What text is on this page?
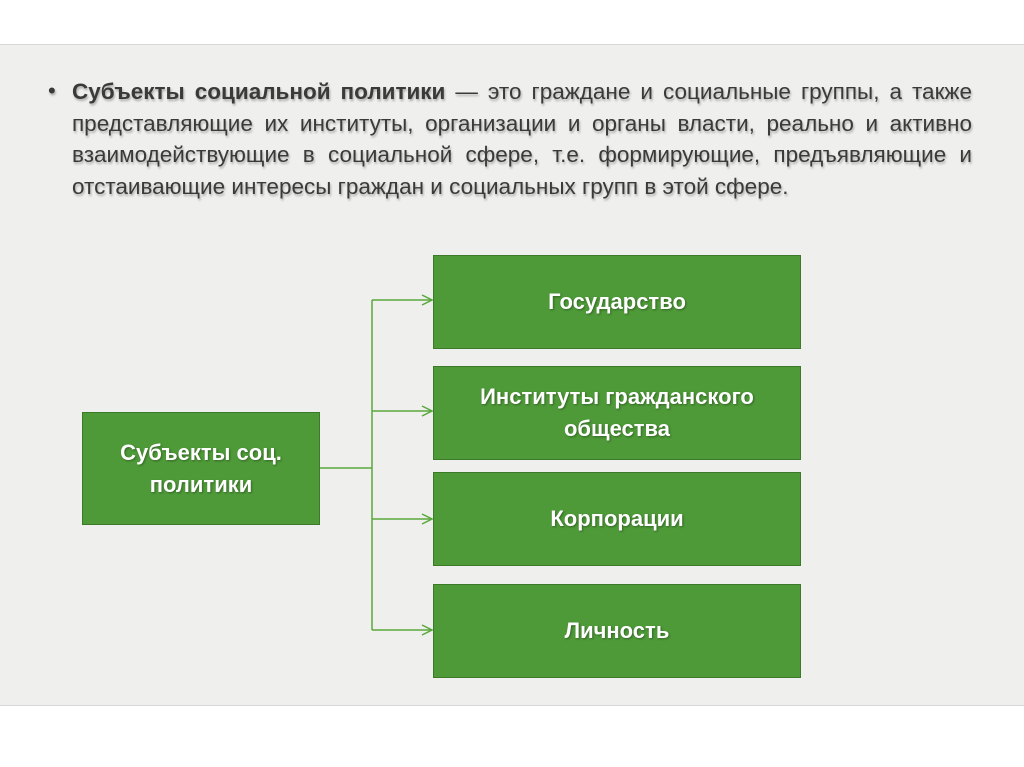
• Субъекты социальной политики — это граждане и социальные группы, а также представляющие их институты, организации и органы власти, реально и активно взаимодействующие в социальной сфере, т.е. формирующие, предъявляющие и отстаивающие интересы граждан и социальных групп в этой сфере.
Субъекты соц. политики
Государство
Институты гражданского общества
Корпорации
Личность
